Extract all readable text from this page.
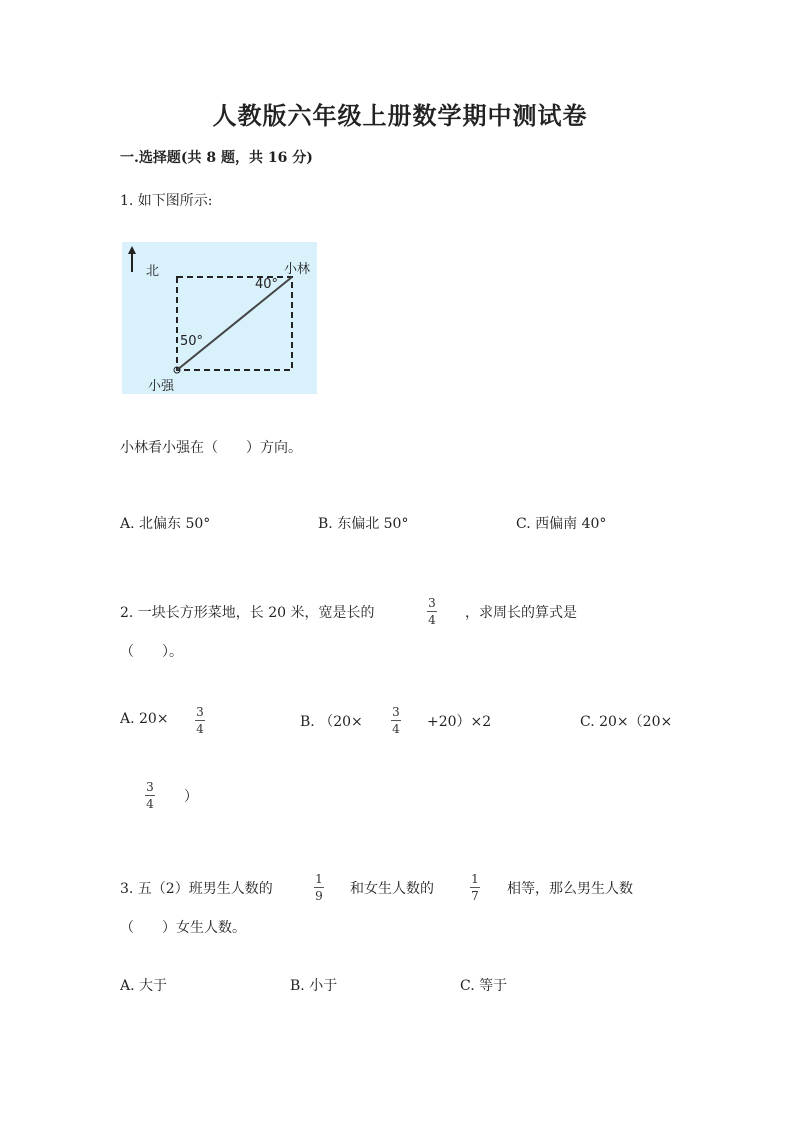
人教版六年级上册数学期中测试卷
一.选择题(共 8 题，共 16 分)
1. 如下图所示:
北	小林
40°
50°
小强
小林看小强在（　　）方向。
A. 北偏东 50°	B. 东偏北 50°	C. 西偏南 40°
2. 一块长方形菜地，长 20 米，宽是长的
3
4 ，求周长的算式是
（　　）。
A. 20× 3
4	B. （20×
3
4 +20）×2	C. 20×（20×
3
4 ）
3. 五（2）班男生人数的
1
9 和女生人数的
1
7 相等，那么男生人数
（　　）女生人数。
A. 大于	B. 小于	C. 等于
